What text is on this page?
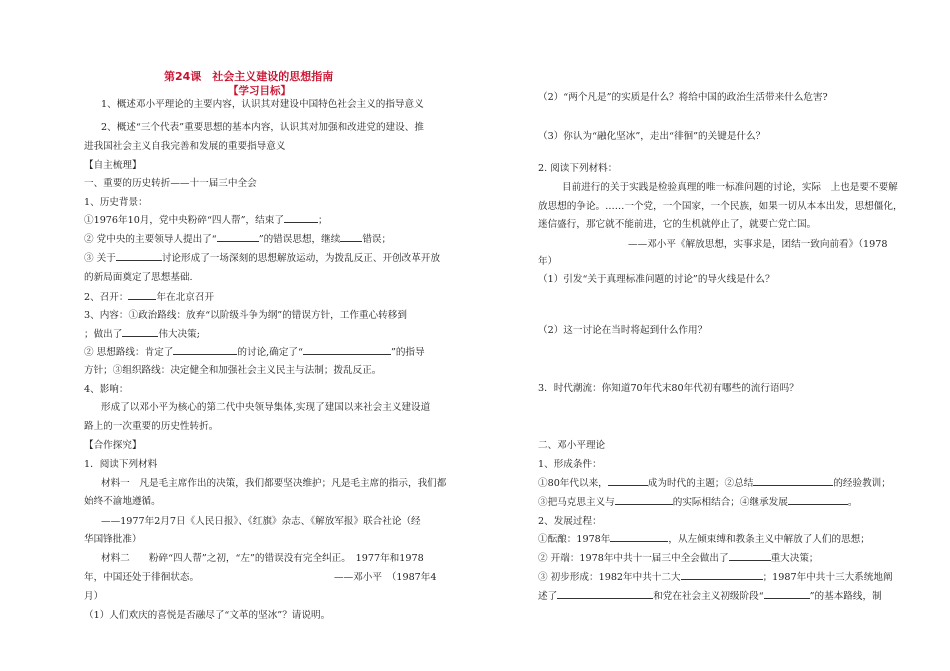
第24课　社会主义建设的思想指南
【学习目标】
1、概述邓小平理论的主要内容，认识其对建设中国特色社会主义的指导意义
2、概述“三个代表”重要思想的基本内容，认识其对加强和改进党的建设、推
进我国社会主义自我完善和发展的重要指导意义
【自主梳理】
一、重要的历史转折——十一届三中全会
1、历史背景：
①1976年10月，党中央粉碎“四人帮”，结束了	；
② 党中央的主要领导人提出了“	”的错误思想，继续 错误；
③ 关于	讨论形成了一场深刻的思想解放运动，为拨乱反正、开创改革开放
的新局面奠定了思想基础.
2、召开：	年在北京召开
3、内容：①政治路线：放弃“以阶级斗争为纲”的错误方针，工作重心转移到
；做出了	伟大决策;
② 思想路线：肯定了	的讨论,确定了“	”的指导
方针；③组织路线：决定健全和加强社会主义民主与法制；拨乱反正。
4、影响：
形成了以邓小平为核心的第二代中央领导集体,实现了建国以来社会主义建设道
路上的一次重要的历史性转折。
【合作探究】
1．阅读下列材料
材料一　凡是毛主席作出的决策，我们都要坚决维护；凡是毛主席的指示，我们都
始终不渝地遵循。
——1977年2月7日《人民日报》、《红旗》杂志、《解放军报》联合社论（经
华国锋批准）
材料二　　粉碎“四人帮”之初，“左”的错误没有完全纠正。　1977年和1978
年，中国还处于徘徊状态。	——邓小平　（1987年4
月）
（1）人们欢庆的喜悦是否融尽了“文革的坚冰”？请说明。
（2）“两个凡是”的实质是什么？将给中国的政治生活带来什么危害?
（3）你认为“融化坚冰”，走出“徘徊”的关键是什么？
2. 阅读下列材料：
目前进行的关于实践是检验真理的唯一标准问题的讨论，实际　上也是要不要解
放思想的争论。……一个党，一个国家，一个民族，如果一切从本本出发，思想僵化，
迷信盛行，那它就不能前进，它的生机就停止了，就要亡党亡国。
——邓小平《解放思想，实事求是，团结一致向前看》（1978
年）
（1）引发“关于真理标准问题的讨论”的导火线是什么？
（2）这一讨论在当时将起到什么作用？
3．时代潮流：你知道70年代末80年代初有哪些的流行语吗？
二、邓小平理论
1、形成条件：
①80年代以来，	成为时代的主题；②总结	的经验教训；
③把马克思主义与	的实际相结合；④继承发展	。
2、发展过程：
①酝酿：1978年	，从左倾束缚和教条主义中解放了人们的思想；
② 开端：1978年中共十一届三中全会做出了	重大决策；
③ 初步形成：1982年中共十二大	；1987年中共十三大系统地阐
述了	和党在社会主义初级阶段“	”的基本路线，制
